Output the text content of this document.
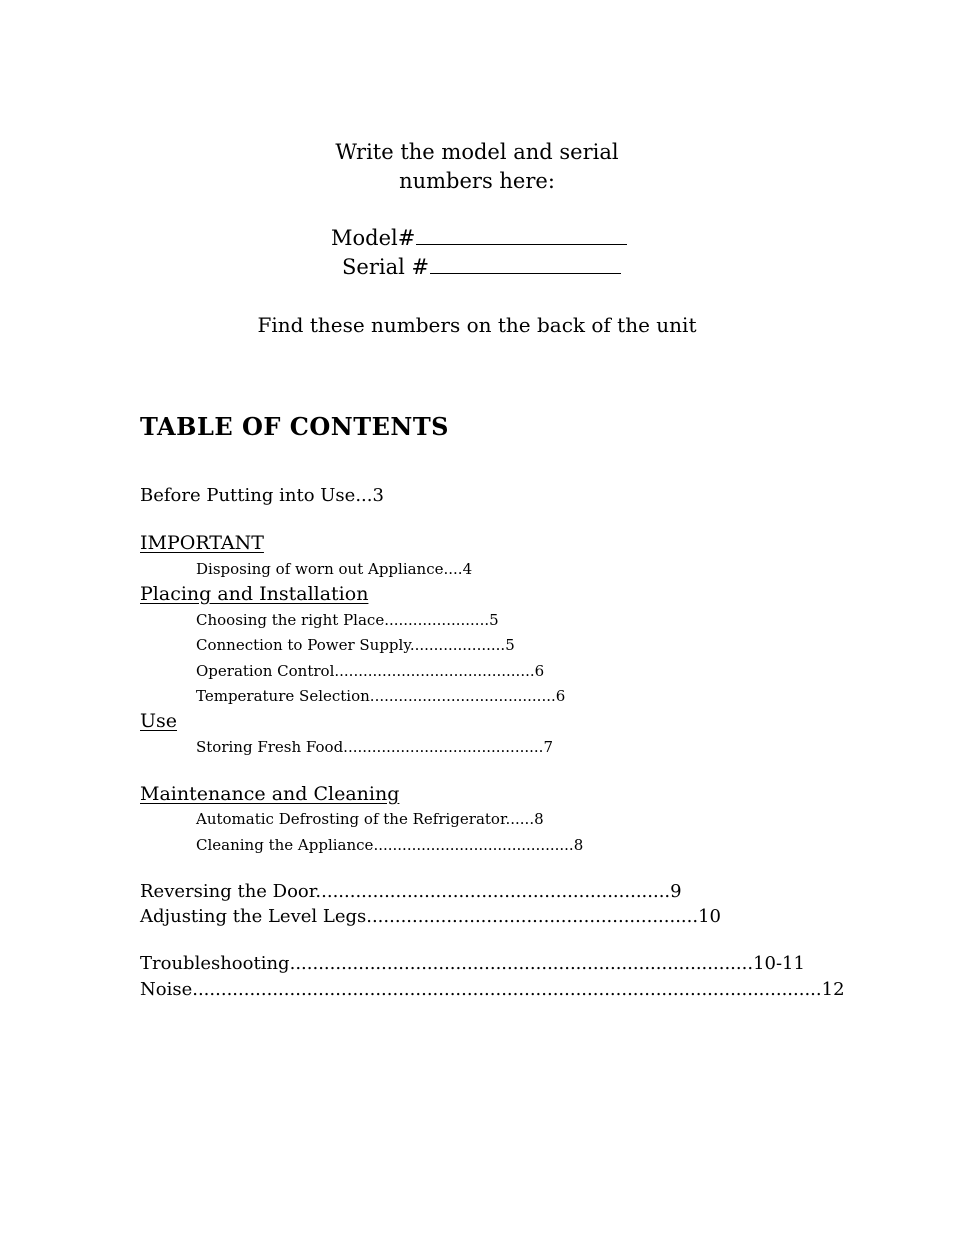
Write the model and serial
numbers here:
Model#
Serial #
Find these numbers on the back of the unit
TABLE OF CONTENTS
Before Putting into Use...3
IMPORTANT
Disposing of worn out Appliance....4
Placing and Installation
Choosing the right Place......................5
Connection to Power Supply....................5
Operation Control..........................................6
Temperature Selection.......................................6
Use
Storing Fresh Food..........................................7
Maintenance and Cleaning
Automatic Defrosting of the Refrigerator......8
Cleaning the Appliance..........................................8
Reversing the Door..............................................................9
Adjusting the Level Legs..........................................................10
Troubleshooting.................................................................................10-11
Noise..............................................................................................................12
